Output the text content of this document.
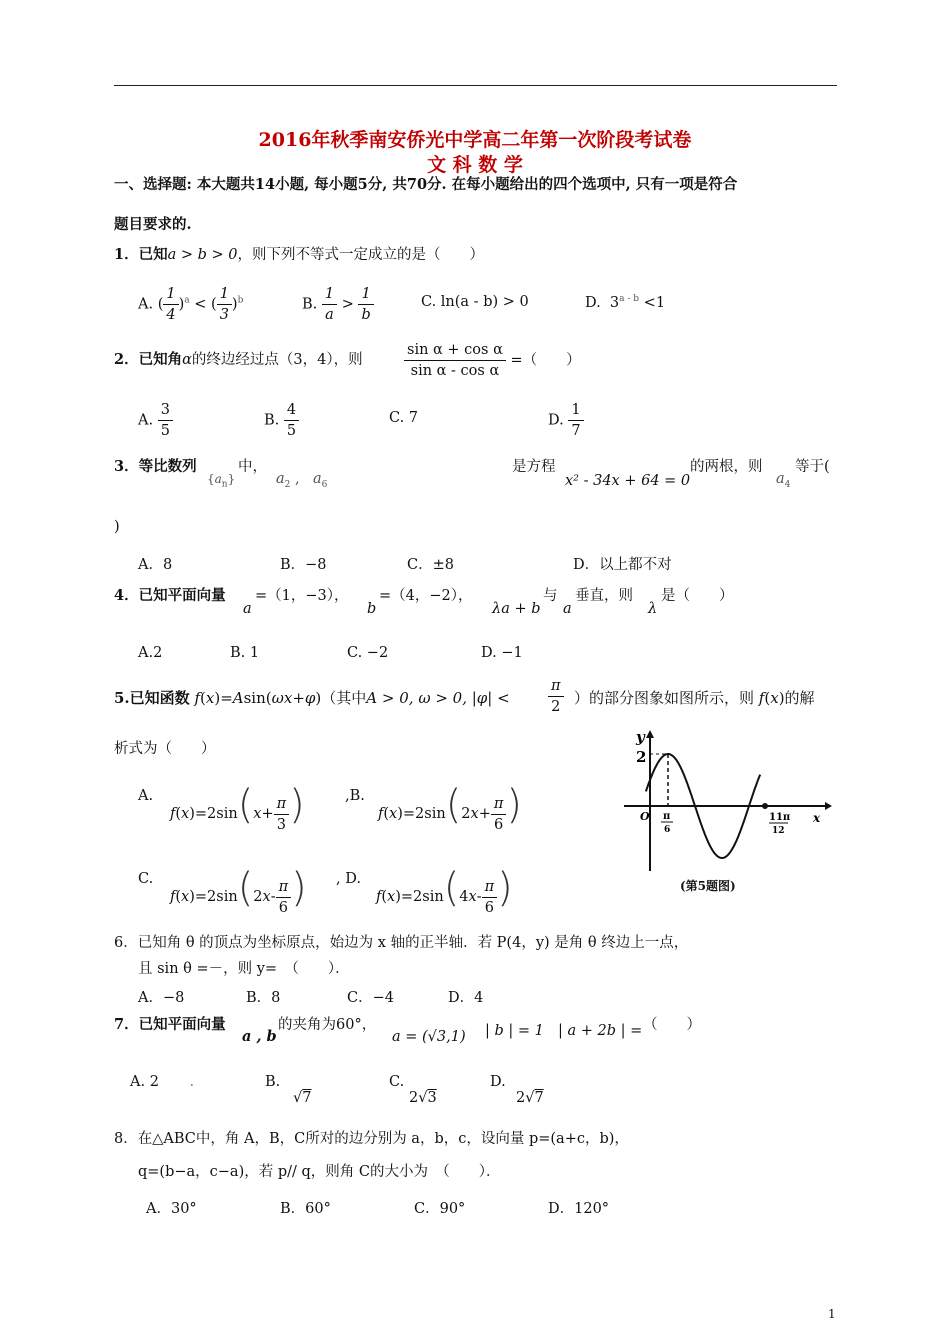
2016年秋季南安侨光中学高二年第一次阶段考试卷
文 科 数 学
一、选择题: 本大题共14小题, 每小题5分, 共70分. 在每小题给出的四个选项中, 只有一项是符合
题目要求的.
1．已知a > b > 0，则下列不等式一定成立的是（　　）
A. ( $\frac{1}{4} )^a$ < ( $\frac{1}{3} )^b$	B. $\frac{1}{a} > \frac{1}{b}$	C. ln(a - b) > 0	D.  $3^{a - b} <1$
2．已知角α的终边经过点（3，4），则	$\frac{\text{sin α + cos α}}{\text{sin α - cos α}}$ =（　　）
A. $\frac{3}{5}$	B. $\frac{4}{5}$	C. 7	D. $\frac{1}{7}$
3．等比数列
$\{a_n\}$
中，
$a_2$ , $a_6$
是方程
x² - 34x + 64 = 0
的两根，则
$a_4$
等于(
)
A．8	B．−8	C．±8	D．以上都不对
4．已知平面向量
a
=（1，−3），
b
=（4，−2），
λa + b
与
a
垂直，则
λ
是（　　）
A.2	B. 1	C. −2	D. −1
5.已知函数 f(x)=Asin(ωx+φ)（其中A > 0, ω > 0, |φ| <	$\frac{\pi}{2}$ ）的部分图象如图所示，则 f(x)的解
析式为（　　）
A.
$f(x)=2\sin(x+ \frac{\pi}{3}$ )	,B.
$f(x)=2\sin(2x+ \frac{\pi}{6}$ )
C.
$f(x)=2\sin(2x- \frac{\pi}{6}$ ) , D.
$f(x)=2\sin(4x- \frac{\pi}{6}$ )
y
2
O	x
π
6
11π
12
(第5题图)
6．已知角 θ 的顶点为坐标原点，始边为 x 轴的正半轴．若 P(4，y) 是角 θ 终边上一点，
且 sin θ =－，则 y=　（　　）．
A．−8	B．8	C．−4	D．4
7．已知平面向量
a , b
的夹角为60°，
a = (√3,1) | b | = 1 | a + 2b | = （　　）
A. 2 .	B.
√7
C.
2√3
D.
2√7
8．在△ABC中，角 A，B，C所对的边分别为 a，b，c，设向量 p=(a+c，b)，
q=(b−a，c−a)，若 p// q，则角 C的大小为　（　　）．
A．30°	B．60°	C．90°	D．120°
1
